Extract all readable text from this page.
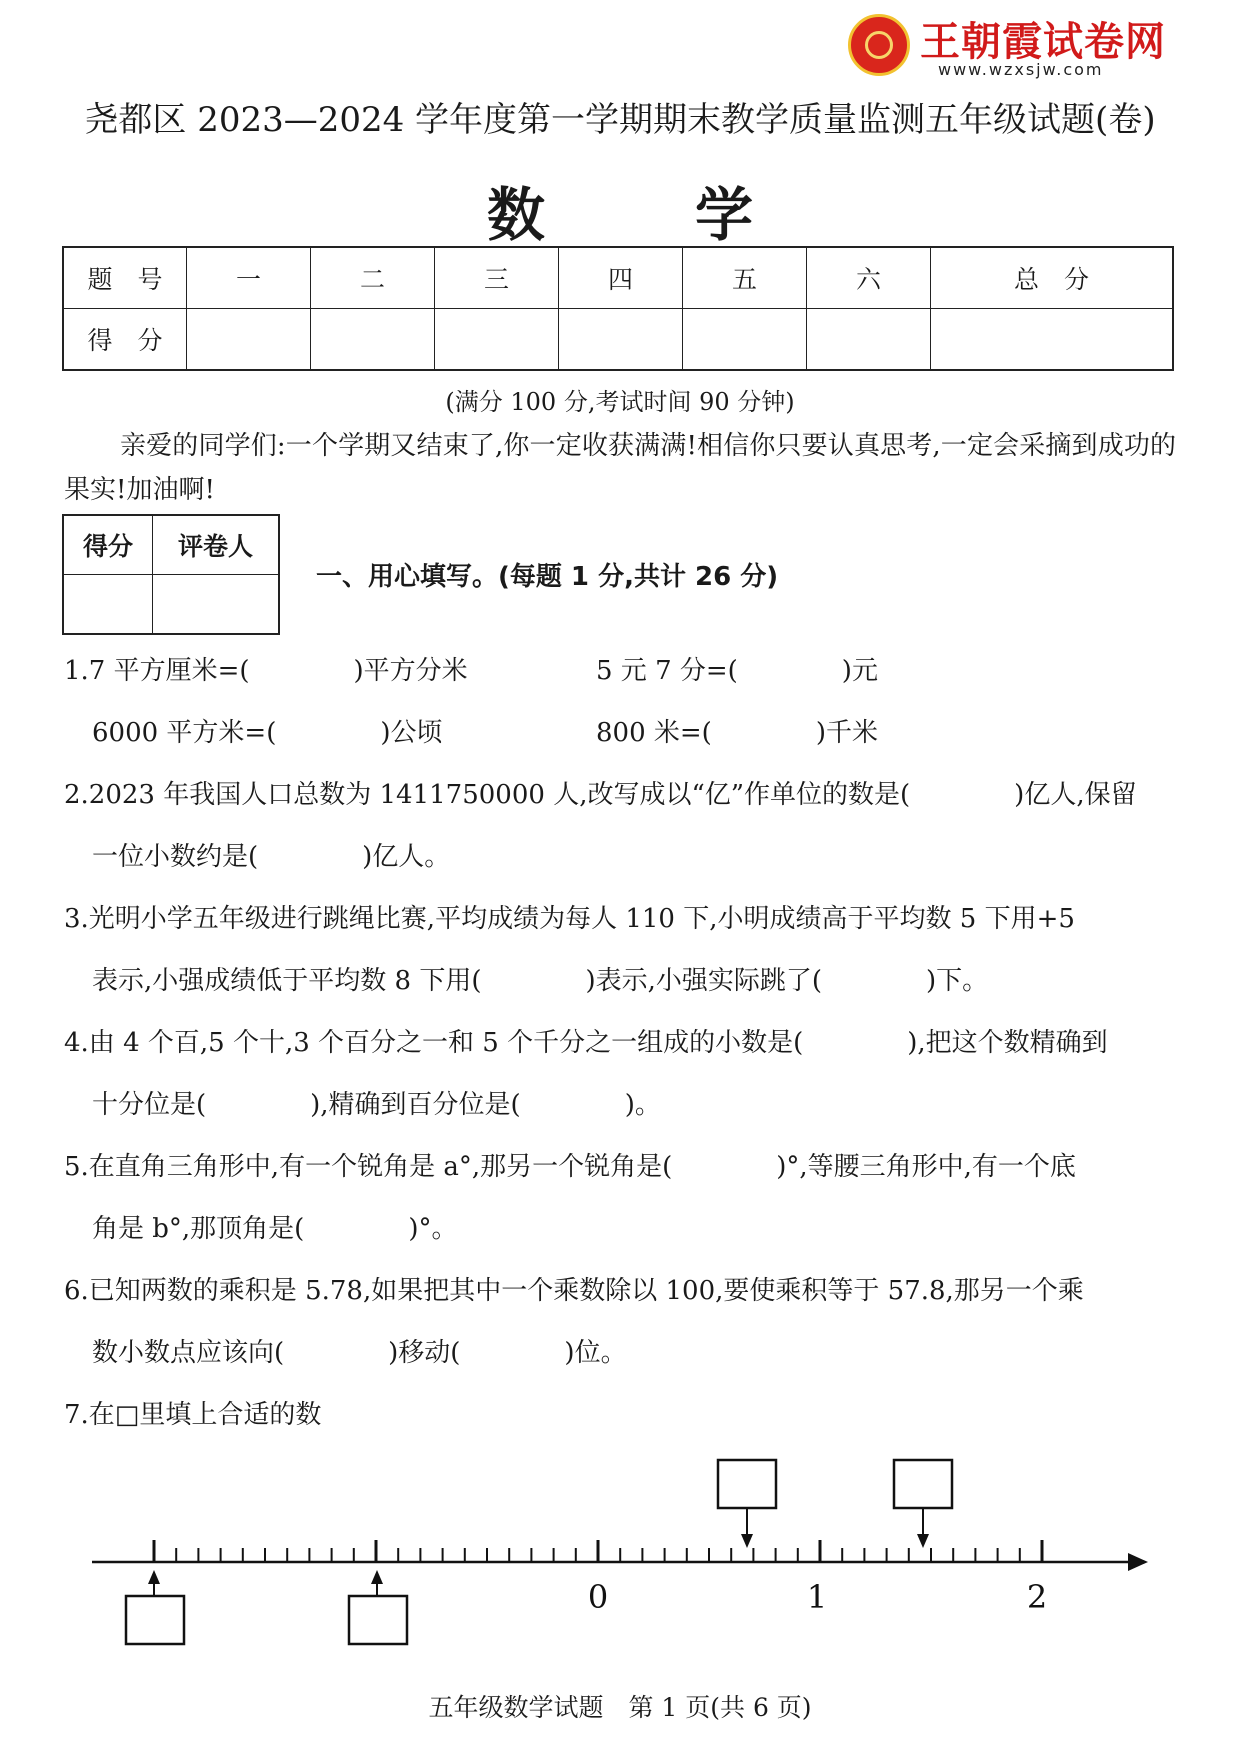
王朝霞试卷网
www.wzxsjw.com
尧都区 2023—2024 学年度第一学期期末教学质量监测五年级试题(卷)
数	学
题　号	一	二	三	四	五	六	总　分
得　分							
(满分 100 分,考试时间 90 分钟)
亲爱的同学们:一个学期又结束了,你一定收获满满!相信你只要认真思考,一定会采摘到成功的果实!加油啊!
得分	评卷人

一、用心填写。(每题 1 分,共计 26 分)
1.7 平方厘米=(　　　　)平方分米	5 元 7 分=(　　　　)元
6000 平方米=(　　　　)公顷	800 米=(　　　　)千米
2.2023 年我国人口总数为 1411750000 人,改写成以“亿”作单位的数是(　　　　)亿人,保留
一位小数约是(　　　　)亿人。
3.光明小学五年级进行跳绳比赛,平均成绩为每人 110 下,小明成绩高于平均数 5 下用+5
表示,小强成绩低于平均数 8 下用(　　　　)表示,小强实际跳了(　　　　)下。
4.由 4 个百,5 个十,3 个百分之一和 5 个千分之一组成的小数是(　　　　),把这个数精确到
十分位是(　　　　),精确到百分位是(　　　　)。
5.在直角三角形中,有一个锐角是 a°,那另一个锐角是(　　　　)°,等腰三角形中,有一个底
角是 b°,那顶角是(　　　　)°。
6.已知两数的乘积是 5.78,如果把其中一个乘数除以 100,要使乘积等于 57.8,那另一个乘
数小数点应该向(　　　　)移动(　　　　)位。
7.在□里填上合适的数
0	1	2
五年级数学试题　第 1 页(共 6 页)
